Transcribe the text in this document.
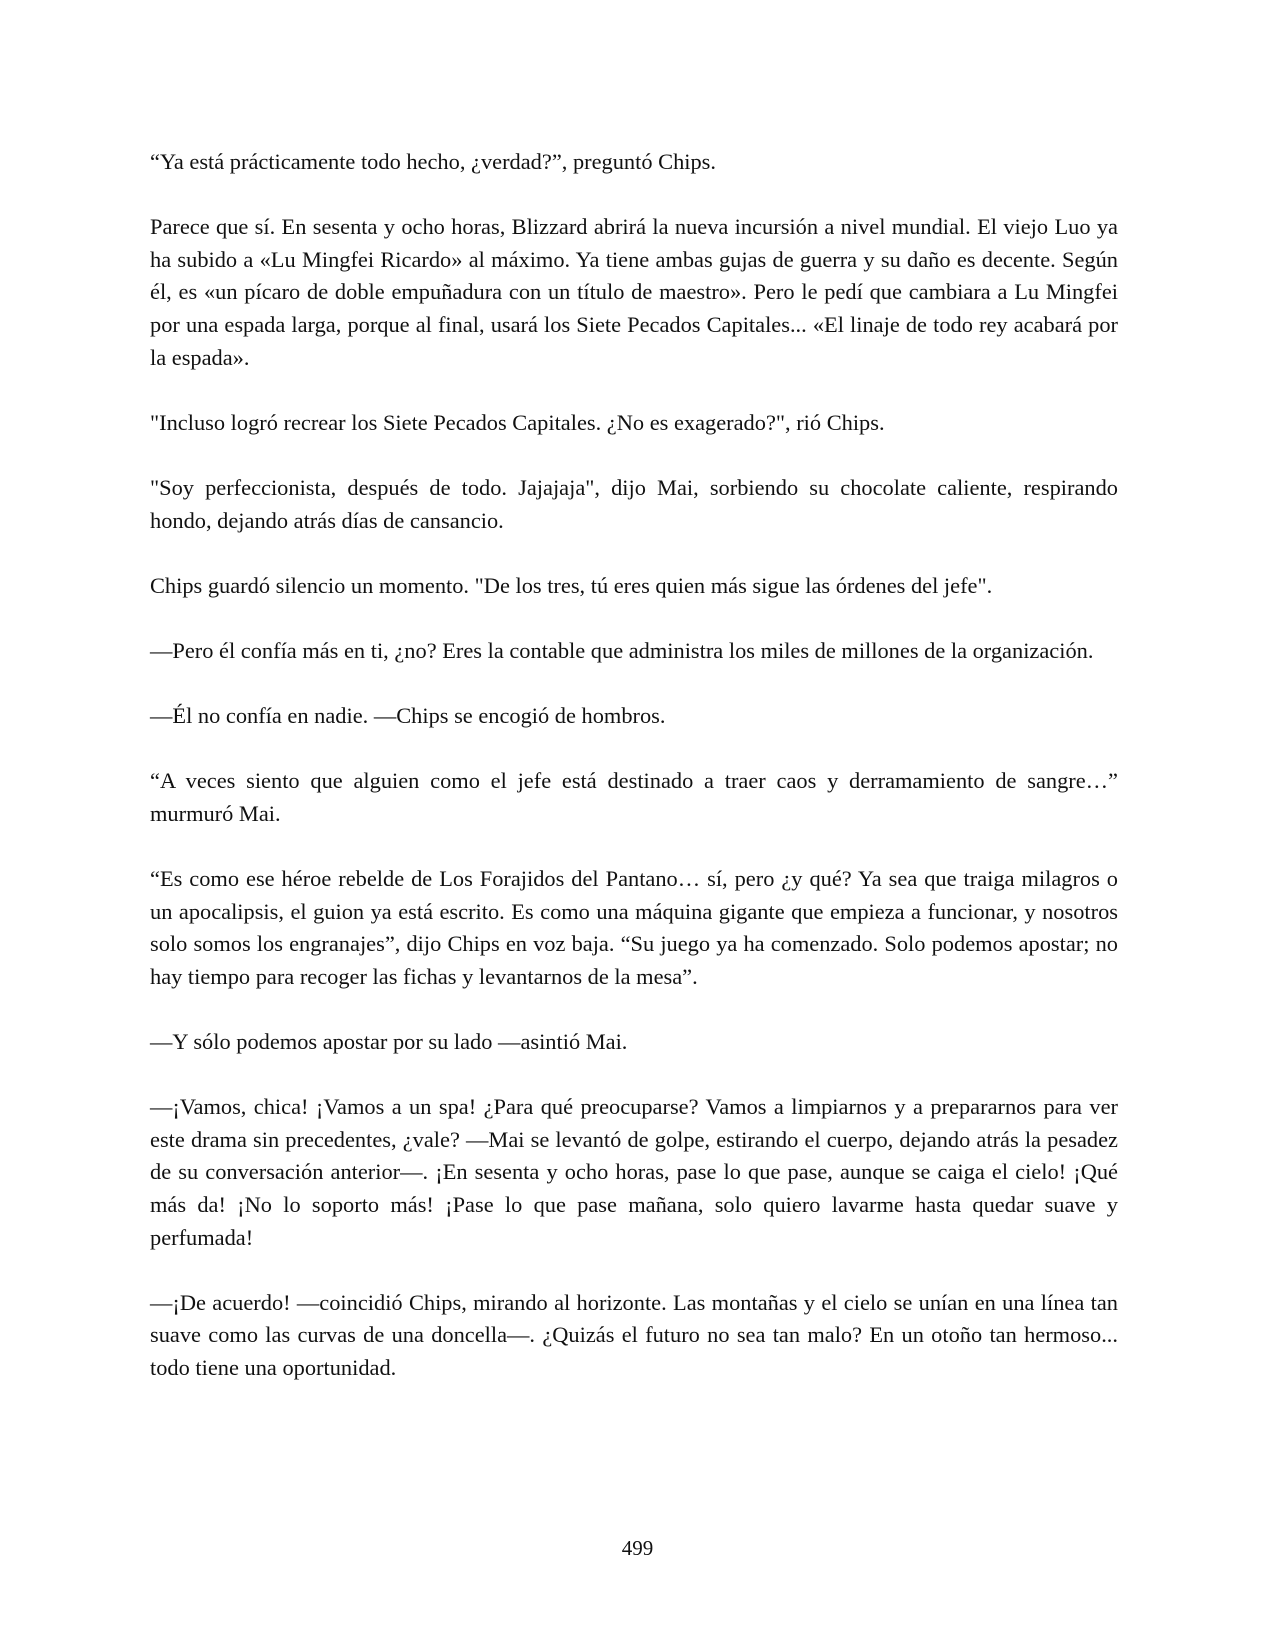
“Ya está prácticamente todo hecho, ¿verdad?”, preguntó Chips.

Parece que sí. En sesenta y ocho horas, Blizzard abrirá la nueva incursión a nivel mundial. El viejo Luo ya ha subido a «Lu Mingfei Ricardo» al máximo. Ya tiene ambas gujas de guerra y su daño es decente. Según él, es «un pícaro de doble empuñadura con un título de maestro». Pero le pedí que cambiara a Lu Mingfei por una espada larga, porque al final, usará los Siete Pecados Capitales... «El linaje de todo rey acabará por la espada».

"Incluso logró recrear los Siete Pecados Capitales. ¿No es exagerado?", rió Chips.

"Soy perfeccionista, después de todo. Jajajaja", dijo Mai, sorbiendo su chocolate caliente, respirando hondo, dejando atrás días de cansancio.

Chips guardó silencio un momento. "De los tres, tú eres quien más sigue las órdenes del jefe".

—Pero él confía más en ti, ¿no? Eres la contable que administra los miles de millones de la organización.

—Él no confía en nadie. —Chips se encogió de hombros.

“A veces siento que alguien como el jefe está destinado a traer caos y derramamiento de sangre…” murmuró Mai.

“Es como ese héroe rebelde de Los Forajidos del Pantano… sí, pero ¿y qué? Ya sea que traiga milagros o un apocalipsis, el guion ya está escrito. Es como una máquina gigante que empieza a funcionar, y nosotros solo somos los engranajes”, dijo Chips en voz baja. “Su juego ya ha comenzado. Solo podemos apostar; no hay tiempo para recoger las fichas y levantarnos de la mesa”.

—Y sólo podemos apostar por su lado —asintió Mai.

—¡Vamos, chica! ¡Vamos a un spa! ¿Para qué preocuparse? Vamos a limpiarnos y a prepararnos para ver este drama sin precedentes, ¿vale? —Mai se levantó de golpe, estirando el cuerpo, dejando atrás la pesadez de su conversación anterior—. ¡En sesenta y ocho horas, pase lo que pase, aunque se caiga el cielo! ¡Qué más da! ¡No lo soporto más! ¡Pase lo que pase mañana, solo quiero lavarme hasta quedar suave y perfumada!

—¡De acuerdo! —coincidió Chips, mirando al horizonte. Las montañas y el cielo se unían en una línea tan suave como las curvas de una doncella—. ¿Quizás el futuro no sea tan malo? En un otoño tan hermoso... todo tiene una oportunidad.

499
